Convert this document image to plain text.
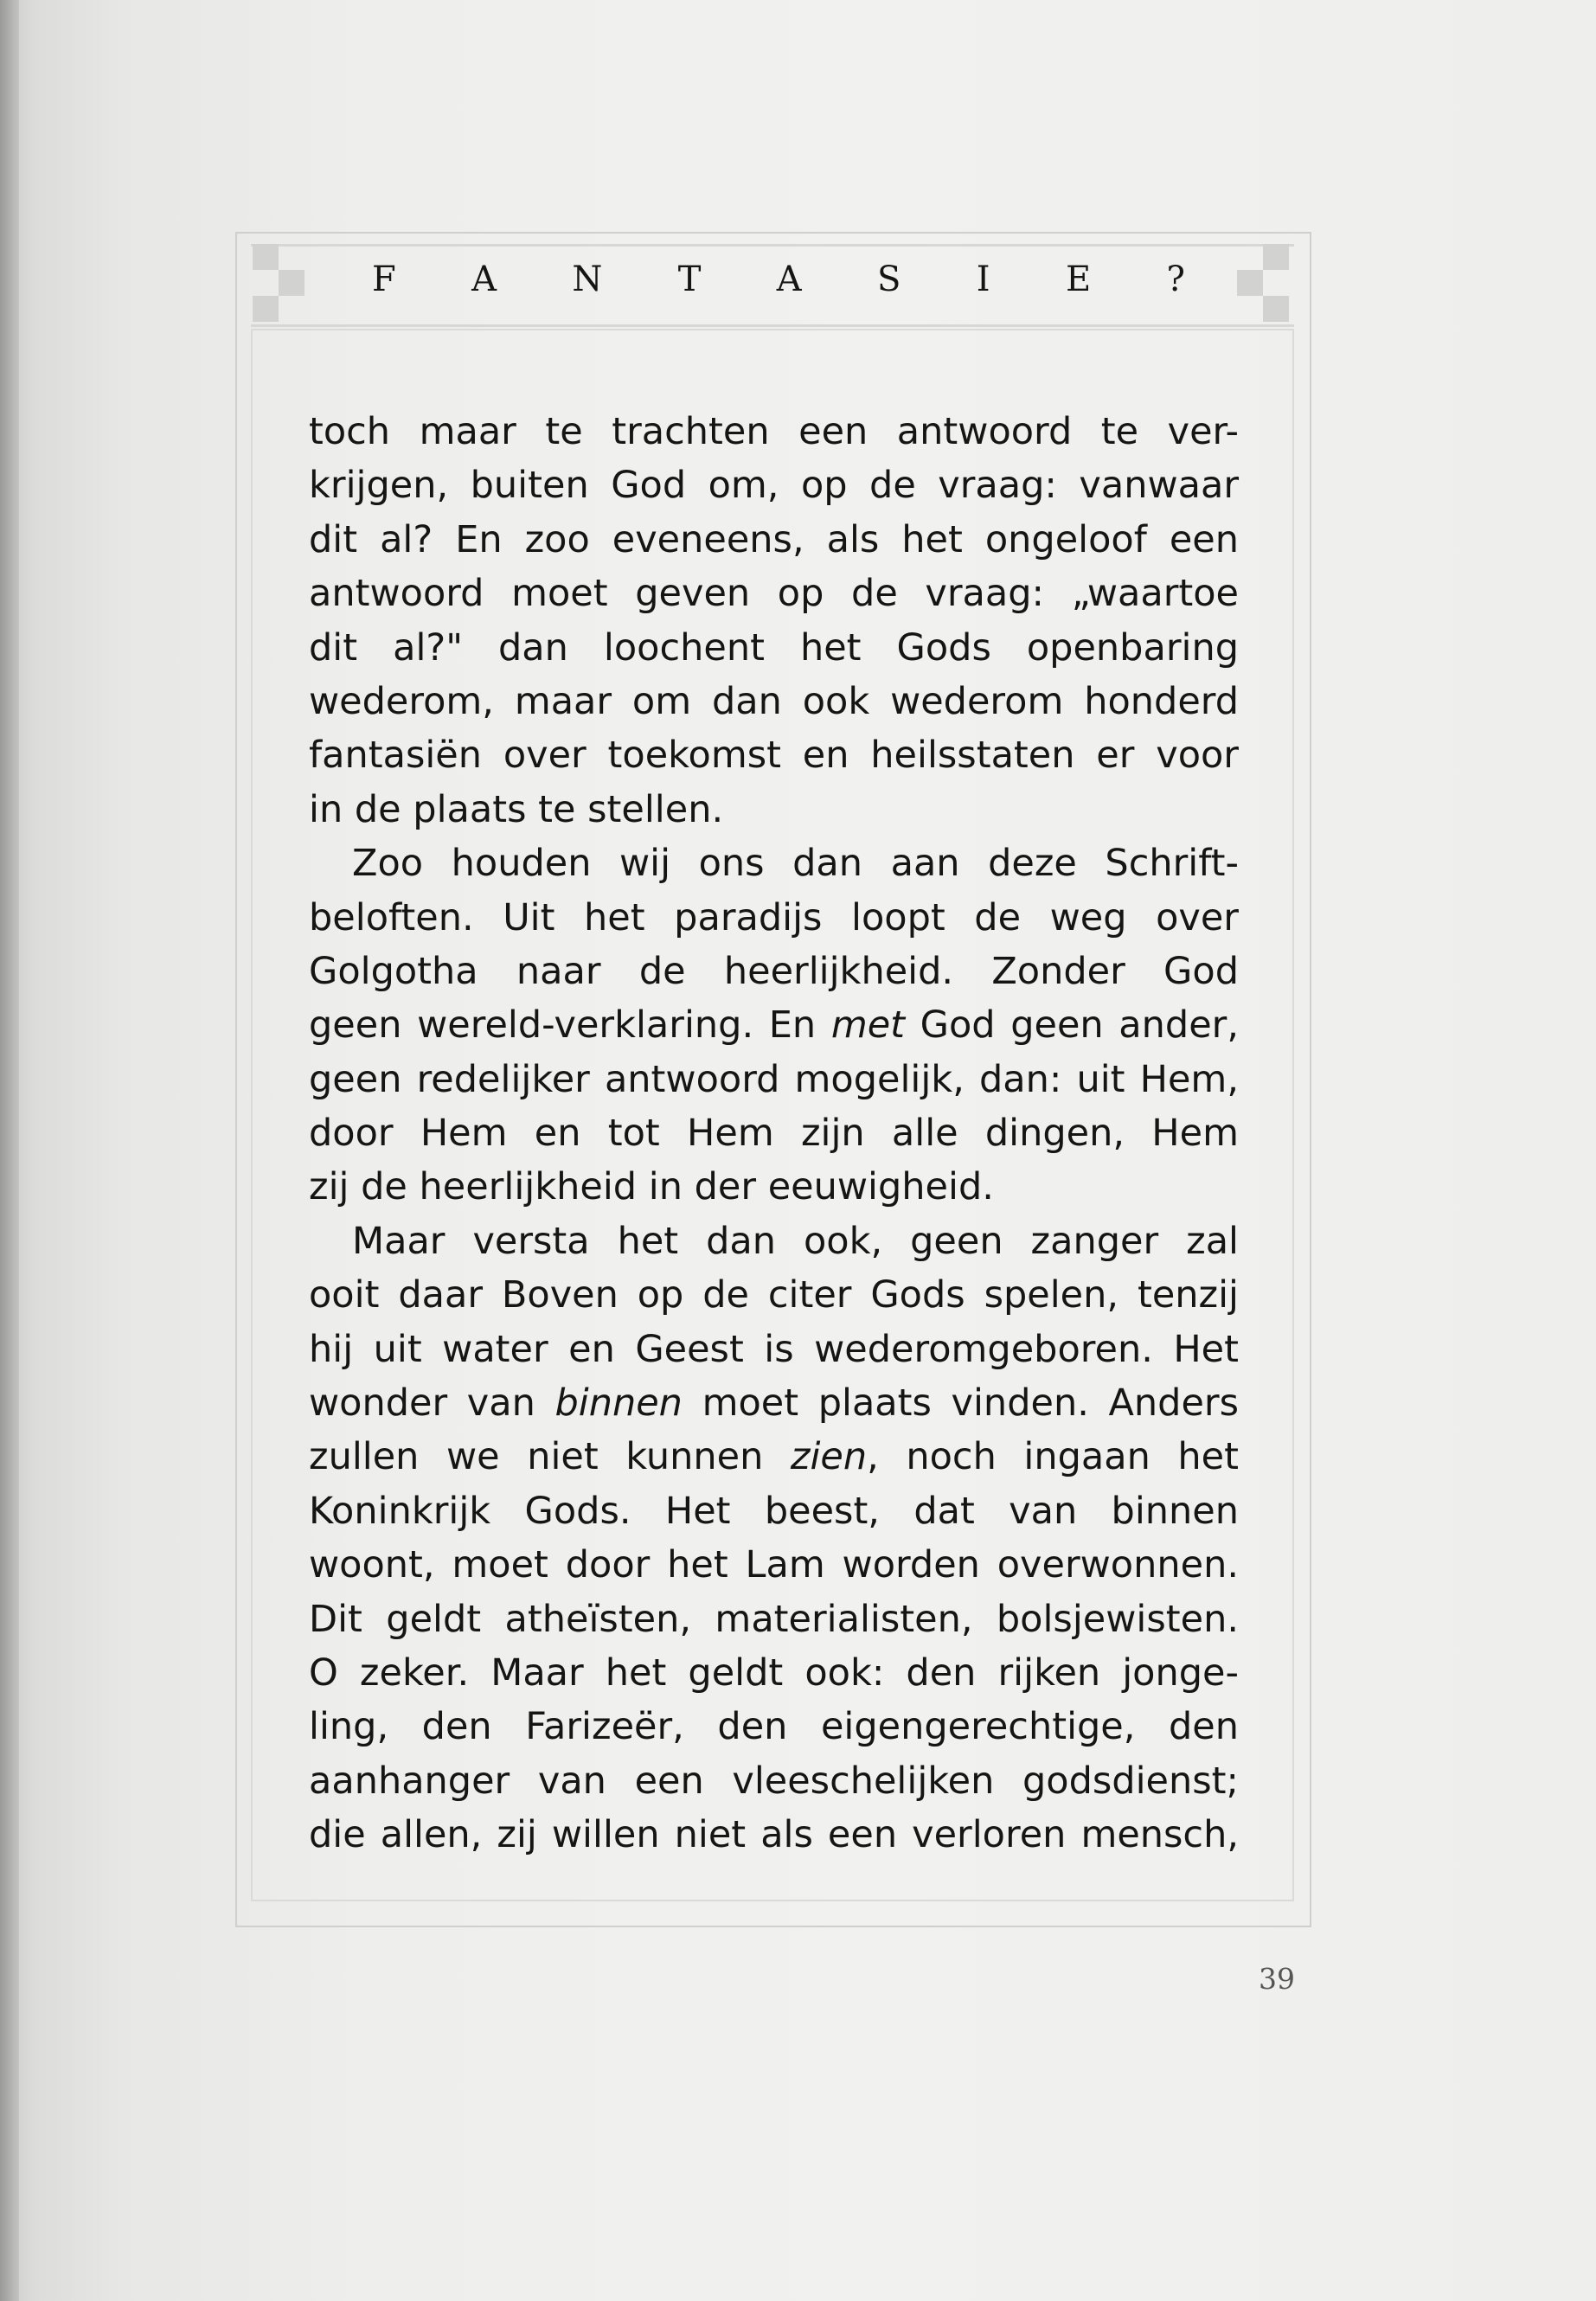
F A N T A S I E ?
toch maar te trachten een antwoord te ver-
krijgen, buiten God om, op de vraag: vanwaar
dit al? En zoo eveneens, als het ongeloof een
antwoord moet geven op de vraag: „waartoe
dit al?" dan loochent het Gods openbaring
wederom, maar om dan ook wederom honderd
fantasiën over toekomst en heilsstaten er voor
in de plaats te stellen.
Zoo houden wij ons dan aan deze Schrift-
beloften. Uit het paradijs loopt de weg over
Golgotha naar de heerlijkheid. Zonder God
geen wereld-verklaring. En met God geen ander,
geen redelijker antwoord mogelijk, dan: uit Hem,
door Hem en tot Hem zijn alle dingen, Hem
zij de heerlijkheid in der eeuwigheid.
Maar versta het dan ook, geen zanger zal
ooit daar Boven op de citer Gods spelen, tenzij
hij uit water en Geest is wederomgeboren. Het
wonder van binnen moet plaats vinden. Anders
zullen we niet kunnen zien, noch ingaan het
Koninkrijk Gods. Het beest, dat van binnen
woont, moet door het Lam worden overwonnen.
Dit geldt atheïsten, materialisten, bolsjewisten.
O zeker. Maar het geldt ook: den rijken jonge-
ling, den Farizeër, den eigengerechtige, den
aanhanger van een vleeschelijken godsdienst;
die allen, zij willen niet als een verloren mensch,
39
